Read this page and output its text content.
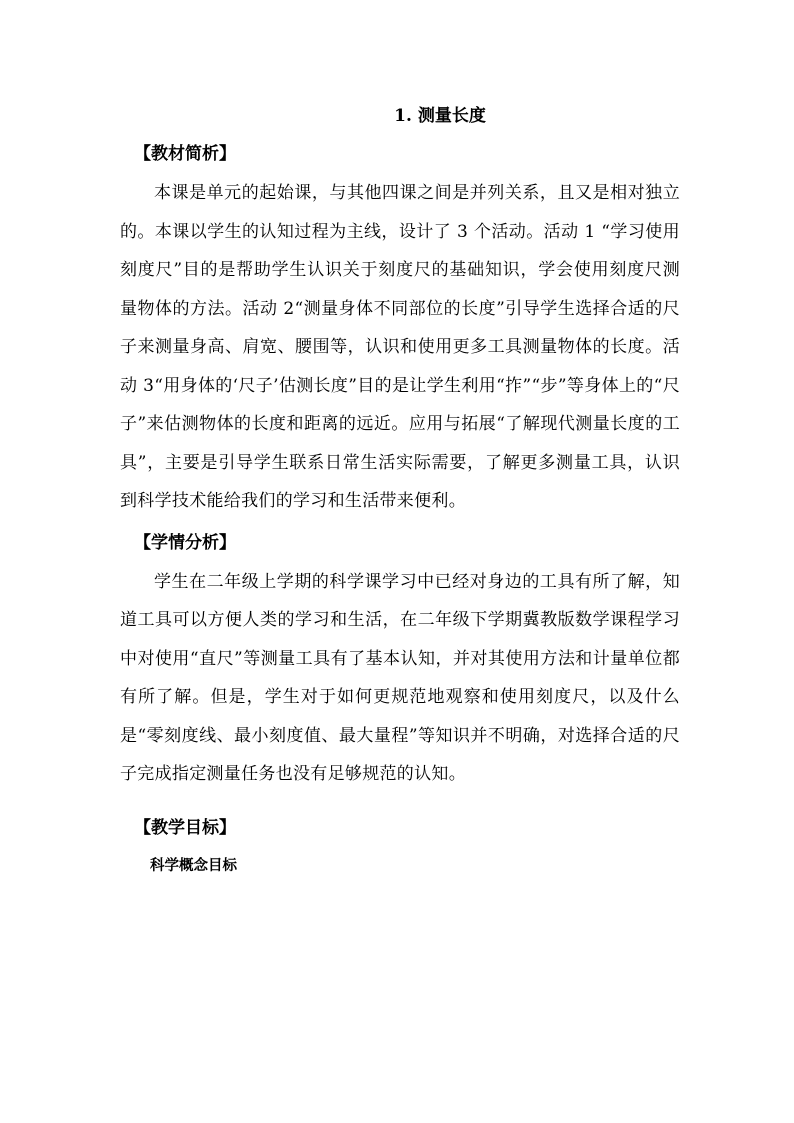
1. 测量长度
【教材简析】

本课是单元的起始课，与其他四课之间是并列关系，且又是相对独立的。本课以学生的认知过程为主线，设计了 3 个活动。活动 1 “学习使用刻度尺”目的是帮助学生认识关于刻度尺的基础知识，学会使用刻度尺测量物体的方法。活动 2“测量身体不同部位的长度”引导学生选择合适的尺子来测量身高、肩宽、腰围等，认识和使用更多工具测量物体的长度。活动 3“用身体的‘尺子’估测长度”目的是让学生利用“拃”“步”等身体上的“尺子”来估测物体的长度和距离的远近。应用与拓展“了解现代测量长度的工具”，主要是引导学生联系日常生活实际需要，了解更多测量工具，认识到科学技术能给我们的学习和生活带来便利。

【学情分析】

学生在二年级上学期的科学课学习中已经对身边的工具有所了解，知道工具可以方便人类的学习和生活，在二年级下学期冀教版数学课程学习中对使用“直尺”等测量工具有了基本认知，并对其使用方法和计量单位都有所了解。但是，学生对于如何更规范地观察和使用刻度尺，以及什么是“零刻度线、最小刻度值、最大量程”等知识并不明确，对选择合适的尺子完成指定测量任务也没有足够规范的认知。

【教学目标】
科学概念目标
